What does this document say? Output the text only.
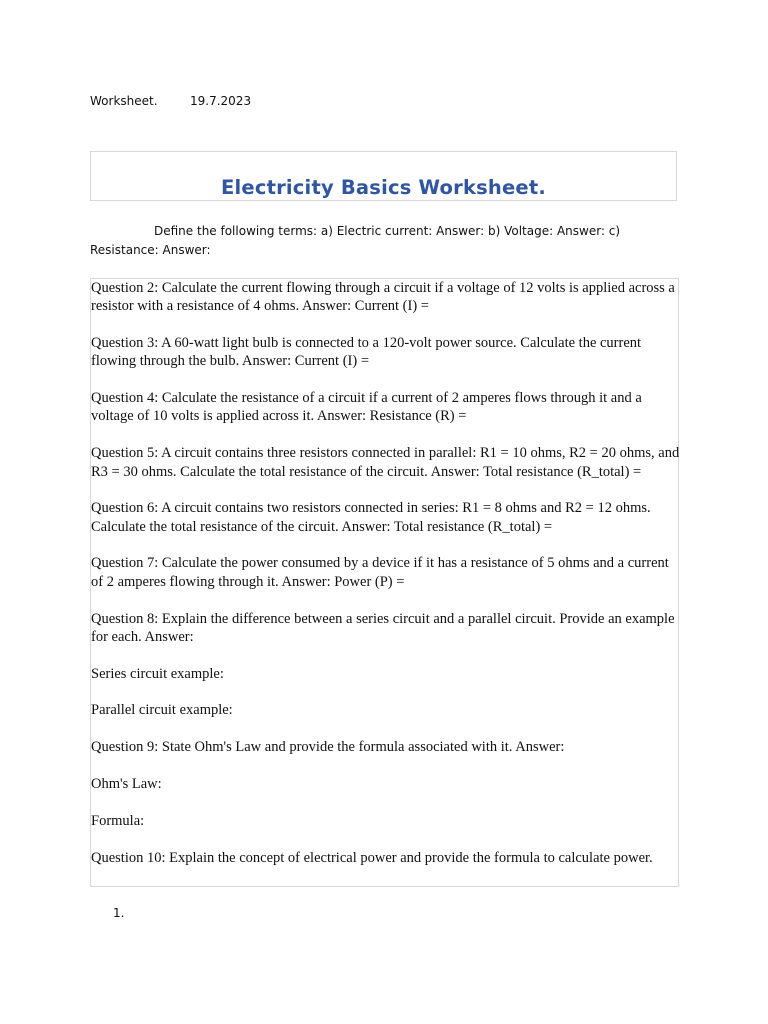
Worksheet.	19.7.2023
Electricity Basics Worksheet.
Define the following terms: a) Electric current: Answer: b) Voltage: Answer: c) Resistance: Answer:

Question 2: Calculate the current flowing through a circuit if a voltage of 12 volts is applied across a resistor with a resistance of 4 ohms. Answer: Current (I) =

Question 3: A 60-watt light bulb is connected to a 120-volt power source. Calculate the current flowing through the bulb. Answer: Current (I) =

Question 4: Calculate the resistance of a circuit if a current of 2 amperes flows through it and a voltage of 10 volts is applied across it. Answer: Resistance (R) =

Question 5: A circuit contains three resistors connected in parallel: R1 = 10 ohms, R2 = 20 ohms, and R3 = 30 ohms. Calculate the total resistance of the circuit. Answer: Total resistance (R_total) =

Question 6: A circuit contains two resistors connected in series: R1 = 8 ohms and R2 = 12 ohms. Calculate the total resistance of the circuit. Answer: Total resistance (R_total) =

Question 7: Calculate the power consumed by a device if it has a resistance of 5 ohms and a current of 2 amperes flowing through it. Answer: Power (P) =

Question 8: Explain the difference between a series circuit and a parallel circuit. Provide an example for each. Answer:

Series circuit example:

Parallel circuit example:

Question 9: State Ohm's Law and provide the formula associated with it. Answer:

Ohm's Law:

Formula:

Question 10: Explain the concept of electrical power and provide the formula to calculate power.

1.
